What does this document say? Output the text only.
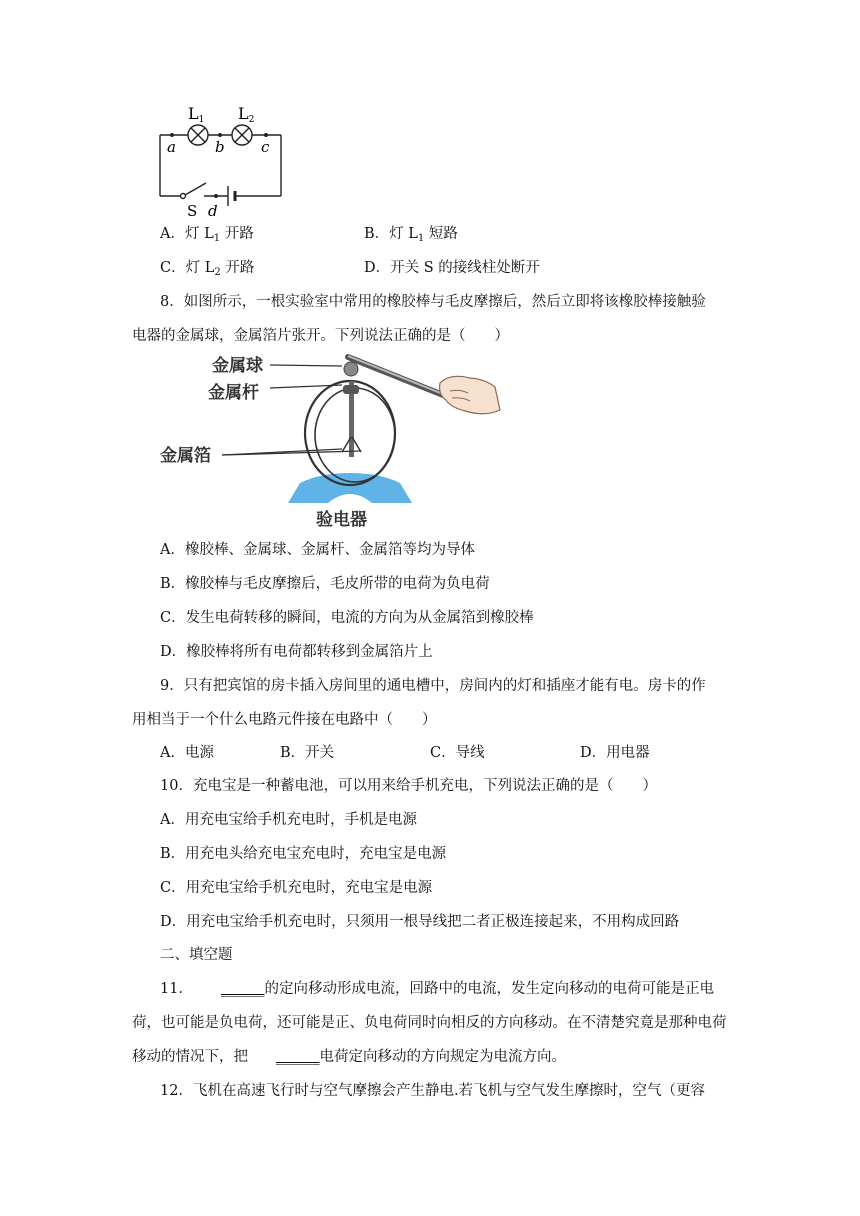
L1 L2
a	b c
S d
A．灯 $L_1$ 开路	B．灯 $L_1$ 短路
C．灯 $L_2$ 开路	D．开关 S 的接线柱处断开
8．如图所示，一根实验室中常用的橡胶棒与毛皮摩擦后，然后立即将该橡胶棒接触验
电器的金属球，金属箔片张开。下列说法正确的是（　　）
金属球
金属杆
金属箔
验电器
A．橡胶棒、金属球、金属杆、金属箔等均为导体
B．橡胶棒与毛皮摩擦后，毛皮所带的电荷为负电荷
C．发生电荷转移的瞬间，电流的方向为从金属箔到橡胶棒
D．橡胶棒将所有电荷都转移到金属箔片上
9．只有把宾馆的房卡插入房间里的通电槽中，房间内的灯和插座才能有电。房卡的作
用相当于一个什么电路元件接在电路中（　　）
A．电源	B．开关	C．导线	D．用电器
10．充电宝是一种蓄电池，可以用来给手机充电，下列说法正确的是（　　）
A．用充电宝给手机充电时，手机是电源
B．用充电头给充电宝充电时，充电宝是电源
C．用充电宝给手机充电时，充电宝是电源
D．用充电宝给手机充电时，只须用一根导线把二者正极连接起来，不用构成回路
二、填空题
11． ______的定向移动形成电流，回路中的电流，发生定向移动的电荷可能是正电荷，也可能是负电荷，还可能是正、负电荷同时向相反的方向移动。在不清楚究竟是那种电荷移动的情况下，把 ______电荷定向移动的方向规定为电流方向。
12．飞机在高速飞行时与空气摩擦会产生静电.若飞机与空气发生摩擦时，空气（更容
